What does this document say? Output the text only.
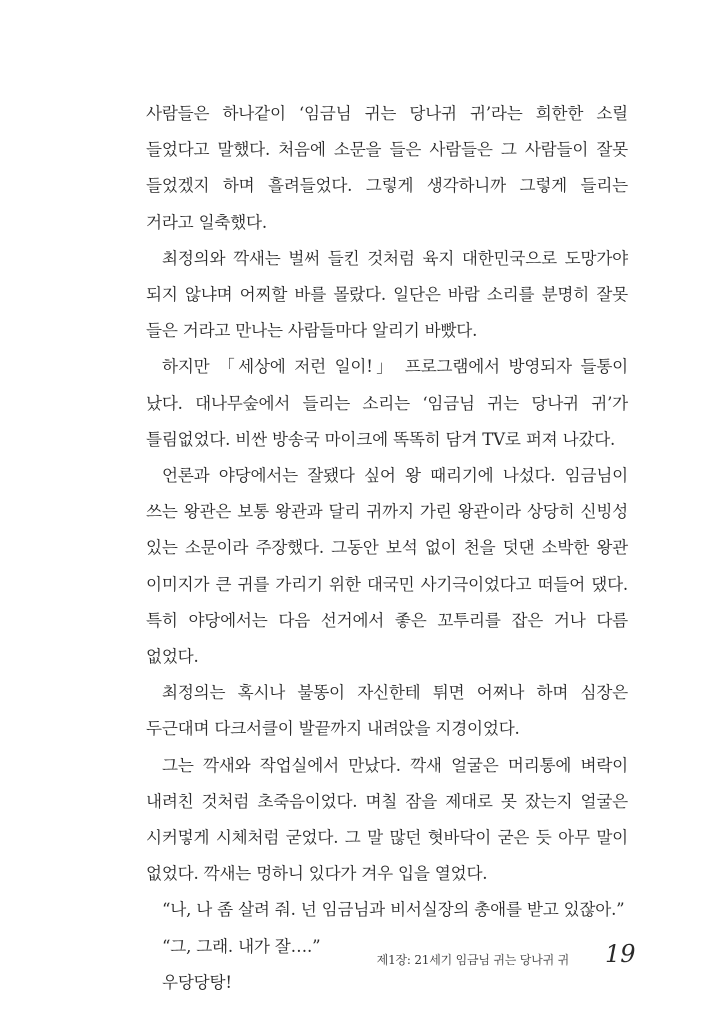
사람들은 하나같이 ‘임금님 귀는 당나귀 귀’라는 희한한 소릴 들었다고 말했다. 처음에 소문을 들은 사람들은 그 사람들이 잘못 들었겠지 하며 흘려들었다. 그렇게 생각하니까 그렇게 들리는 거라고 일축했다.

최정의와 깍새는 벌써 들킨 것처럼 육지 대한민국으로 도망가야 되지 않냐며 어찌할 바를 몰랐다. 일단은 바람 소리를 분명히 잘못 들은 거라고 만나는 사람들마다 알리기 바빴다.

하지만 「세상에 저런 일이!」 프로그램에서 방영되자 들통이 났다. 대나무숲에서 들리는 소리는 ‘임금님 귀는 당나귀 귀’가 틀림없었다. 비싼 방송국 마이크에 똑똑히 담겨 TV로 퍼져 나갔다.

언론과 야당에서는 잘됐다 싶어 왕 때리기에 나섰다. 임금님이 쓰는 왕관은 보통 왕관과 달리 귀까지 가린 왕관이라 상당히 신빙성 있는 소문이라 주장했다. 그동안 보석 없이 천을 덧댄 소박한 왕관 이미지가 큰 귀를 가리기 위한 대국민 사기극이었다고 떠들어 댔다. 특히 야당에서는 다음 선거에서 좋은 꼬투리를 잡은 거나 다름 없었다.

최정의는 혹시나 불똥이 자신한테 튀면 어쩌나 하며 심장은 두근대며 다크서클이 발끝까지 내려앉을 지경이었다.

그는 깍새와 작업실에서 만났다. 깍새 얼굴은 머리통에 벼락이 내려친 것처럼 초죽음이었다. 며칠 잠을 제대로 못 잤는지 얼굴은 시커멓게 시체처럼 굳었다. 그 말 많던 혓바닥이 굳은 듯 아무 말이 없었다. 깍새는 멍하니 있다가 겨우 입을 열었다.

“나, 나 좀 살려 줘. 넌 임금님과 비서실장의 총애를 받고 있잖아.”

“그, 그래. 내가 잘….”

우당당탕!

제1장: 21세기 임금님 귀는 당나귀 귀 19
